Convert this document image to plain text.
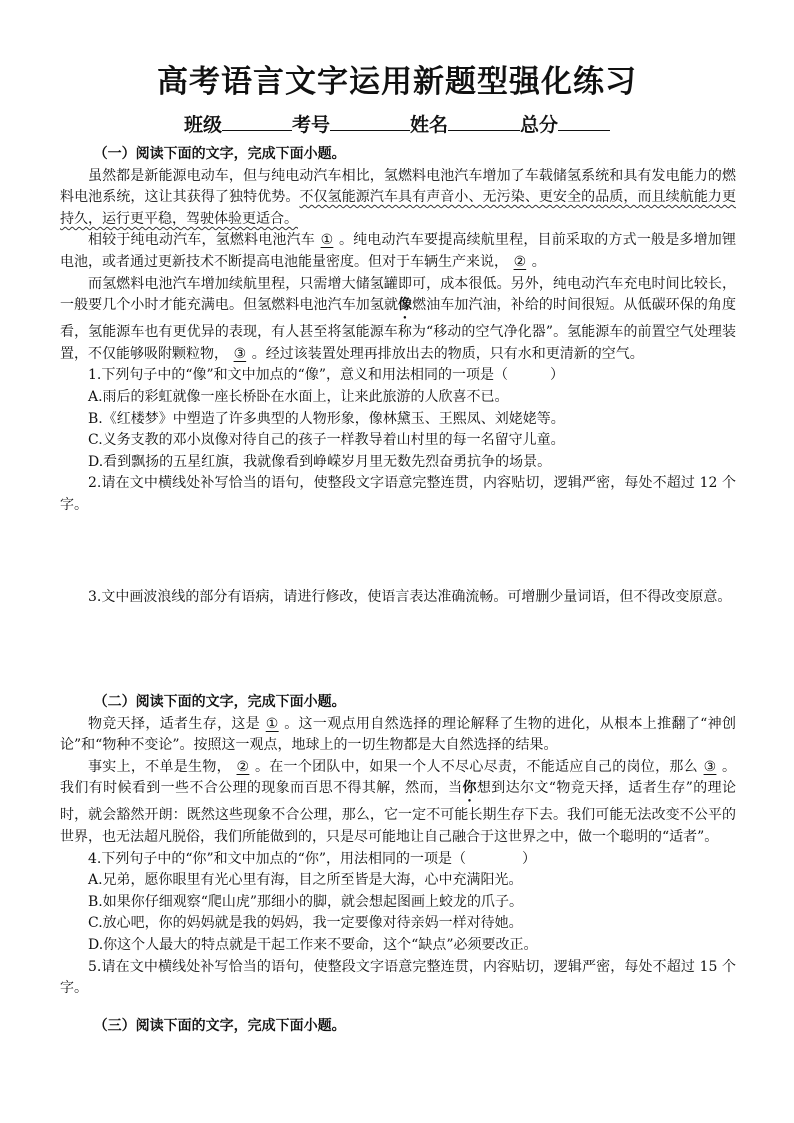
高考语言文字运用新题型强化练习
班级	考号	姓名	总分

（一）阅读下面的文字，完成下面小题。

虽然都是新能源电动车，但与纯电动汽车相比，氢燃料电池汽车增加了车载储氢系统和具有发电能力的燃料电池系统，这让其获得了独特优势。不仅氢能源汽车具有声音小、无污染、更安全的品质，而且续航能力更持久，运行更平稳，驾驶体验更适合。

相较于纯电动汽车，氢燃料电池汽车 ① 。纯电动汽车要提高续航里程，目前采取的方式一般是多增加锂电池，或者通过更新技术不断提高电池能量密度。但对于车辆生产来说， ② 。

而氢燃料电池汽车增加续航里程，只需增大储氢罐即可，成本很低。另外，纯电动汽车充电时间比较长，一般要几个小时才能充满电。但氢燃料电池汽车加氢就像燃油车加汽油，补给的时间很短。从低碳环保的角度看，氢能源车也有更优异的表现，有人甚至将氢能源车称为“移动的空气净化器”。氢能源车的前置空气处理装置，不仅能够吸附颗粒物， ③ 。经过该装置处理再排放出去的物质，只有水和更清新的空气。

1.下列句子中的“像”和文中加点的“像”，意义和用法相同的一项是（　　　）

A.雨后的彩虹就像一座长桥卧在水面上，让来此旅游的人欣喜不已。

B.《红楼梦》中塑造了许多典型的人物形象，像林黛玉、王熙凤、刘姥姥等。

C.义务支教的邓小岚像对待自己的孩子一样教导着山村里的每一名留守儿童。

D.看到飘扬的五星红旗，我就像看到峥嵘岁月里无数先烈奋勇抗争的场景。

2.请在文中横线处补写恰当的语句，使整段文字语意完整连贯，内容贴切，逻辑严密，每处不超过 12 个字。

3.文中画波浪线的部分有语病，请进行修改，使语言表达准确流畅。可增删少量词语，但不得改变原意。

（二）阅读下面的文字，完成下面小题。

物竞天择，适者生存，这是 ① 。这一观点用自然选择的理论解释了生物的进化，从根本上推翻了“神创论”和“物种不变论”。按照这一观点，地球上的一切生物都是大自然选择的结果。

事实上，不单是生物， ② 。在一个团队中，如果一个人不尽心尽责，不能适应自己的岗位，那么 ③ 。我们有时候看到一些不合公理的现象而百思不得其解，然而，当你想到达尔文“物竞天择，适者生存”的理论时，就会豁然开朗：既然这些现象不合公理，那么，它一定不可能长期生存下去。我们可能无法改变不公平的世界，也无法超凡脱俗，我们所能做到的，只是尽可能地让自己融合于这世界之中，做一个聪明的“适者”。

4.下列句子中的“你”和文中加点的“你”，用法相同的一项是（　　　　）

A.兄弟，愿你眼里有光心里有海，目之所至皆是大海，心中充满阳光。

B.如果你仔细观察“爬山虎”那细小的脚，就会想起图画上蛟龙的爪子。

C.放心吧，你的妈妈就是我的妈妈，我一定要像对待亲妈一样对待她。

D.你这个人最大的特点就是干起工作来不要命，这个“缺点”必须要改正。

5.请在文中横线处补写恰当的语句，使整段文字语意完整连贯，内容贴切，逻辑严密，每处不超过 15 个字。

（三）阅读下面的文字，完成下面小题。
